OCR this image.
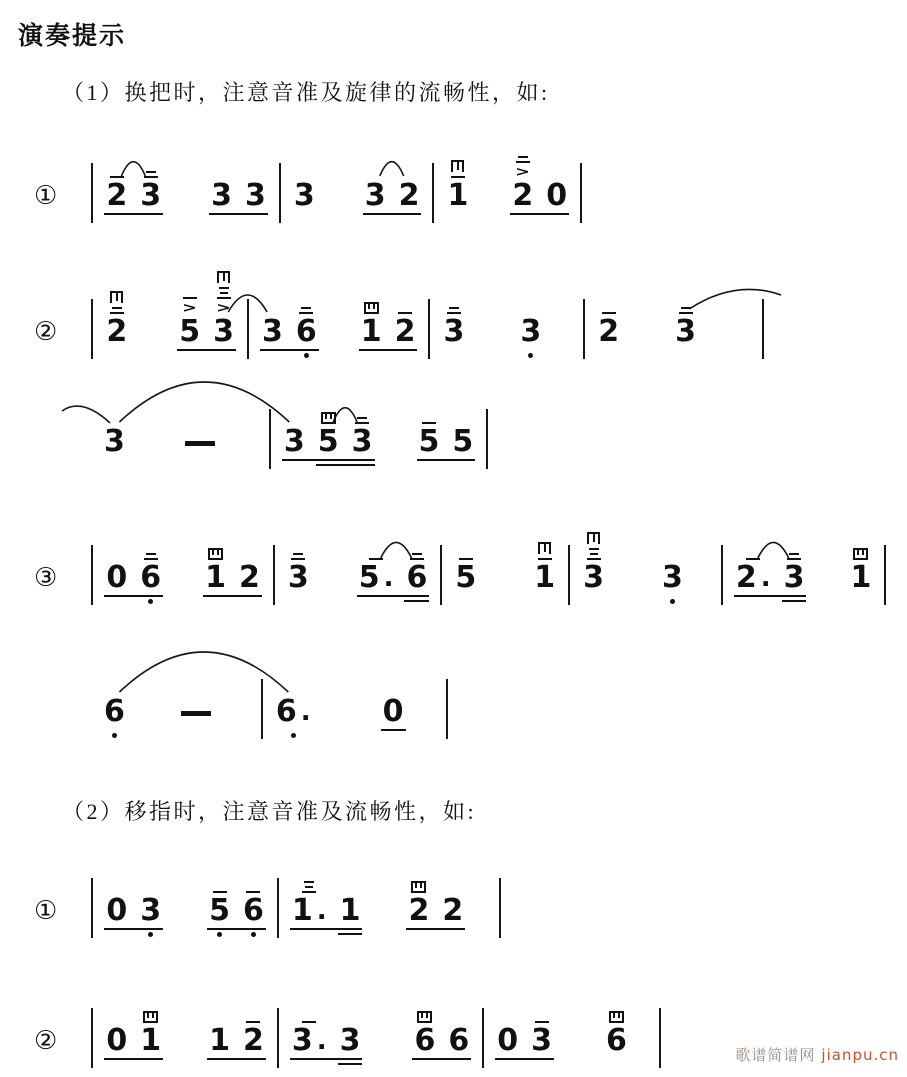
演奏提示

（1）换把时，注意音准及旋律的流畅性，如:

① 2 3 3 3 3 3 2 1
>
2 0
② 2
>
5
>
3 3 6 1 2 3 3 2 3
3	3 5 3 5 5
③ 0 6 1 2 3 5 . 6 5 1 3 3 2 . 3 1
6	6 . 0

（2）移指时，注意音准及流畅性，如:

① 0 3 5 6 1 . 1 2 2
② 0 1 1 2 3 . 3 6 6 0 3 6	歌谱简谱网 jianpu.cn
